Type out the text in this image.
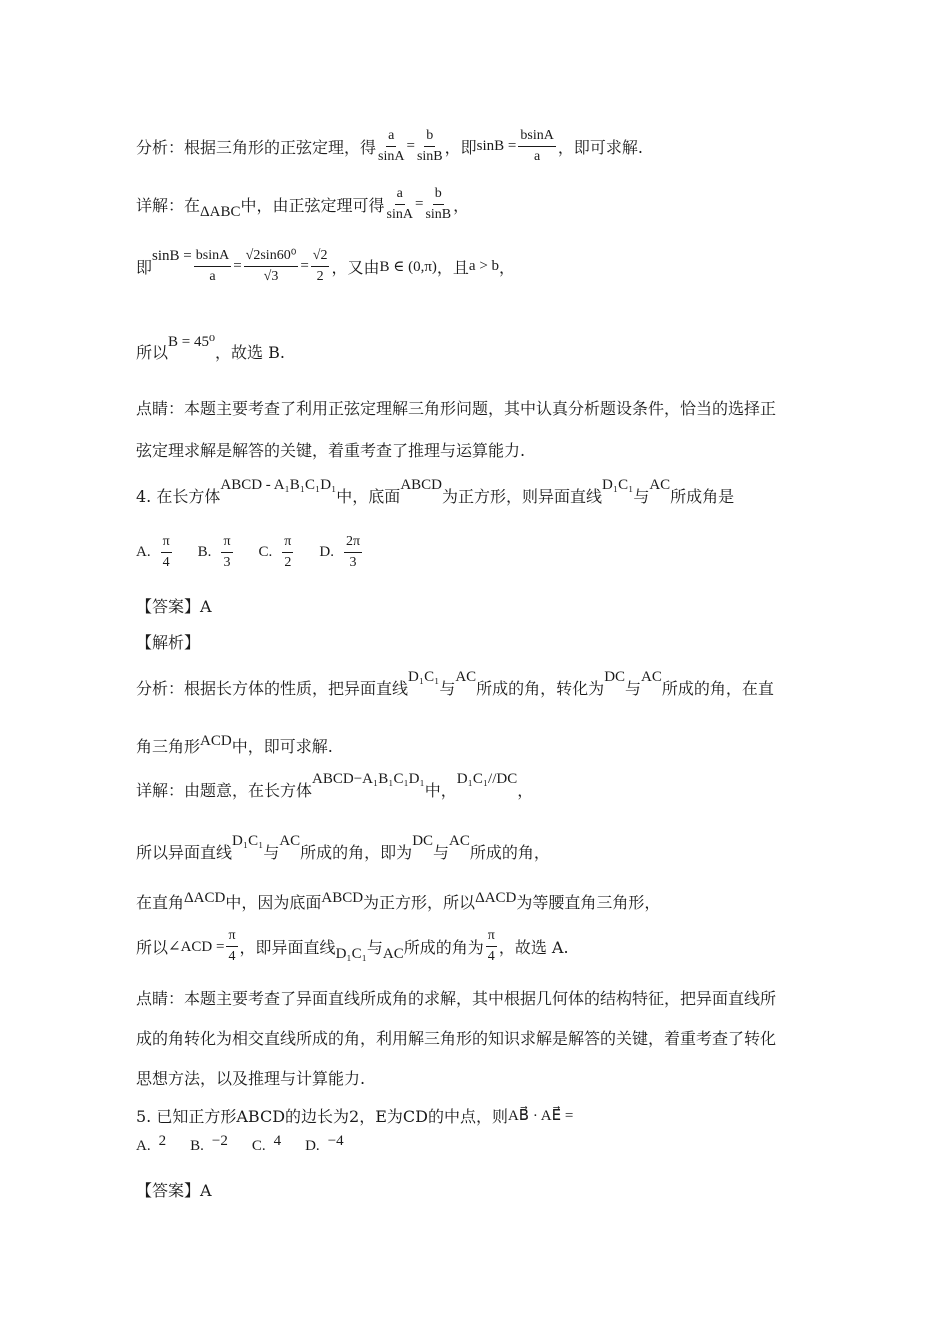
分析：根据三角形的正弦定理，得 $\frac{a}{\sin A} = \frac{b}{\sin B}$ ，即 $\sin B = \frac{bsinA}{a}$ ，即可求解.
详解：在 ΔABC 中，由正弦定理可得 $\frac{a}{\sin A} = \frac{b}{\sin B}$ ，
即
$\sin B = \frac{bsinA}{a} = \frac{\text{√2sin60⁰}}{√3} = \frac{√2}{2}$ ，又由 B ∈ (0,π) ，且 a > b ，
所以
B = 45⁰
，故选 B.
点睛：本题主要考查了利用正弦定理解三角形问题，其中认真分析题设条件，恰当的选择正
弦定理求解是解答的关键，着重考查了推理与运算能力.
4. 在长方体
ABCD - A₁B₁C₁D₁
中，底面
ABCD
为正方形，则异面直线
D₁C₁
与
AC
所成角是
A. $\frac{\pi}{4} B$. $\frac{\pi}{3} C$. $\frac{\pi}{2} D$. $\frac{2\pi}{3}$
【答案】A
【解析】
分析：根据长方体的性质，把异面直线
D₁C₁
与
AC
所成的角，转化为
DC
与
AC
所成的角，在直
角三角形 ACD 中，即可求解.
详解：由题意，在长方体
ABCD−A₁B₁C₁D₁
中，
D₁C₁//DC
，
所以异面直线
D₁C₁
与
AC
所成的角，即为
DC
与
AC
所成的角，
在直角 ΔACD 中，因为底面 ABCD 为正方形，所以 ΔACD 为等腰直角三角形，
所以 ∠ACD = $\frac{\pi}{4}$ ，即异面直线 D₁C₁ 与 AC 所成的角为 $\frac{\pi}{4}$ ，故选 A.
点睛：本题主要考查了异面直线所成角的求解，其中根据几何体的结构特征，把异面直线所
成的角转化为相交直线所成的角，利用解三角形的知识求解是解答的关键，着重考查了转化
思想方法，以及推理与计算能力.
5. 已知正方形ABCD的边长为2，E为CD的中点，则 AB⃗ · AE⃗ =
A. 2 B. −2 C. 4 D. −4
【答案】A
